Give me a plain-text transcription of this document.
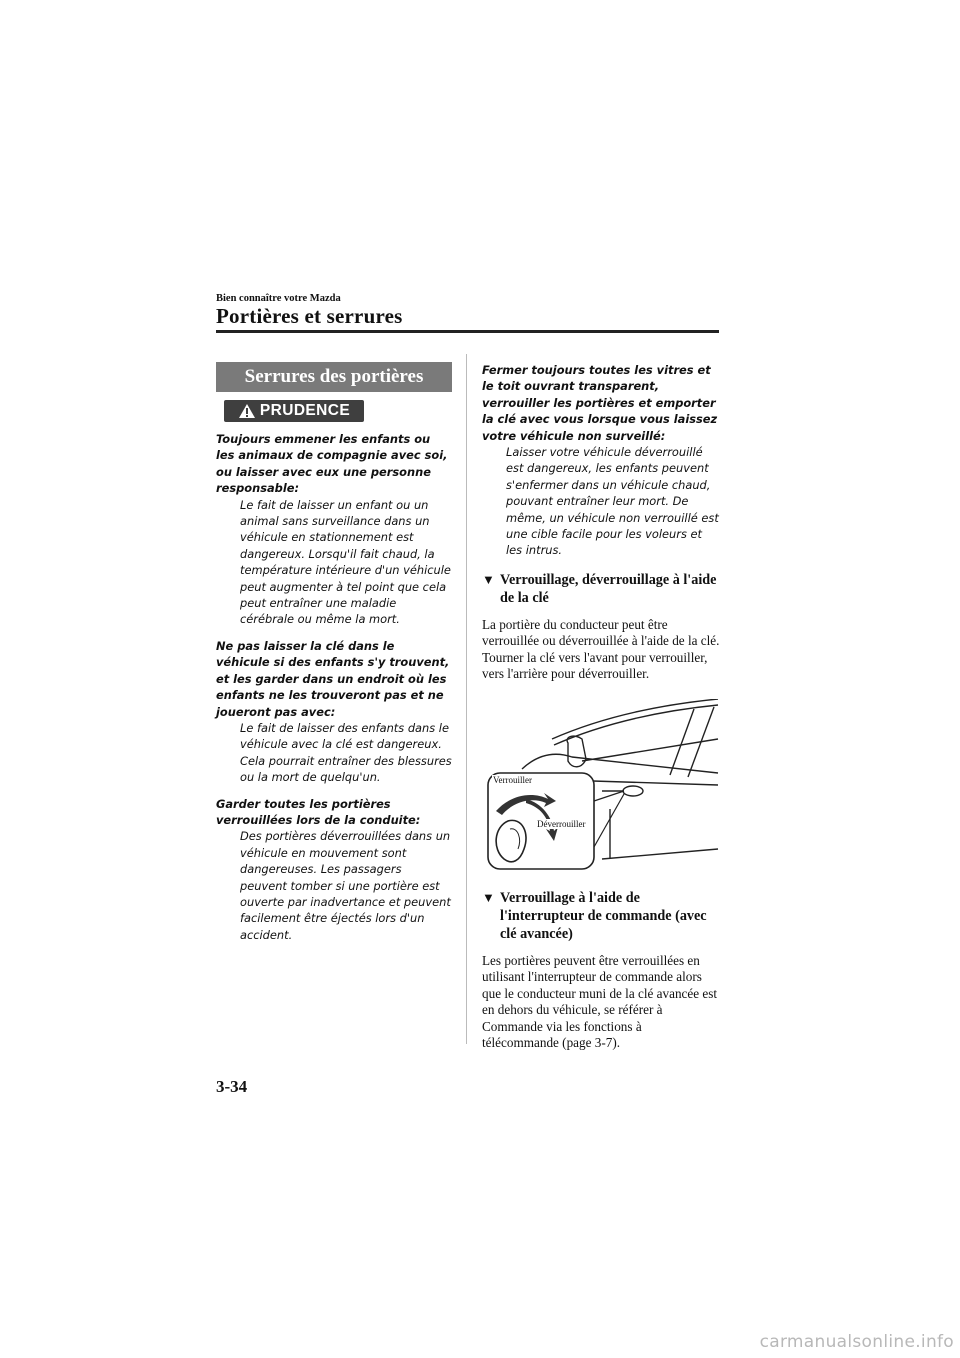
Bien connaître votre Mazda
Portières et serrures
Serrures des portières
PRUDENCE

Toujours emmener les enfants ou les animaux de compagnie avec soi, ou laisser avec eux une personne responsable:

Le fait de laisser un enfant ou un animal sans surveillance dans un véhicule en stationnement est dangereux. Lorsqu'il fait chaud, la température intérieure d'un véhicule peut augmenter à tel point que cela peut entraîner une maladie cérébrale ou même la mort.

Ne pas laisser la clé dans le véhicule si des enfants s'y trouvent, et les garder dans un endroit où les enfants ne les trouveront pas et ne joueront pas avec:

Le fait de laisser des enfants dans le véhicule avec la clé est dangereux. Cela pourrait entraîner des blessures ou la mort de quelqu'un.

Garder toutes les portières verrouillées lors de la conduite:

Des portières déverrouillées dans un véhicule en mouvement sont dangereuses. Les passagers peuvent tomber si une portière est ouverte par inadvertance et peuvent facilement être éjectés lors d'un accident.

Fermer toujours toutes les vitres et le toit ouvrant transparent, verrouiller les portières et emporter la clé avec vous lorsque vous laissez votre véhicule non surveillé:

Laisser votre véhicule déverrouillé est dangereux, les enfants peuvent s'enfermer dans un véhicule chaud, pouvant entraîner leur mort. De même, un véhicule non verrouillé est une cible facile pour les voleurs et les intrus.

▼ Verrouillage, déverrouillage à l'aide de la clé

La portière du conducteur peut être verrouillée ou déverrouillée à l'aide de la clé.
Tourner la clé vers l'avant pour verrouiller, vers l'arrière pour déverrouiller.

Verrouiller
Déverrouiller
▼ Verrouillage à l'aide de l'interrupteur de commande (avec clé avancée)

Les portières peuvent être verrouillées en utilisant l'interrupteur de commande alors que le conducteur muni de la clé avancée est en dehors du véhicule, se référer à Commande via les fonctions à télécommande (page 3-7).

3-34
carmanualsonline.info
